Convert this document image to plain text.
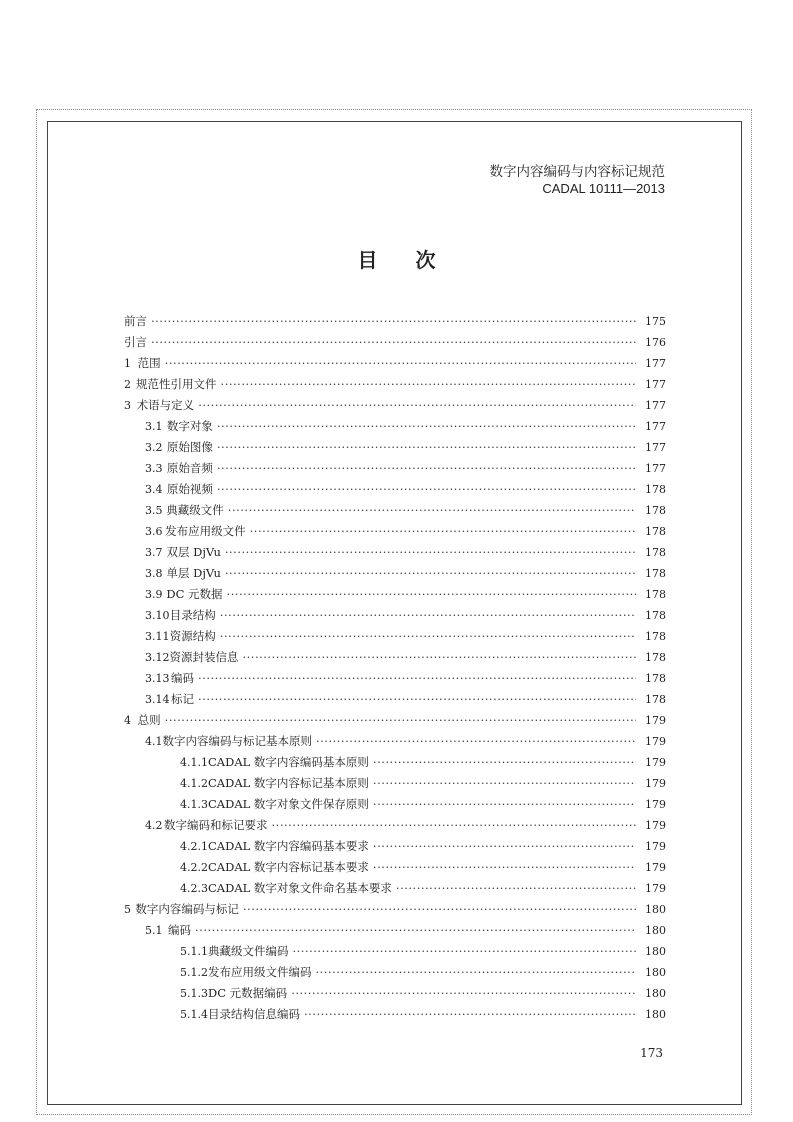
数字内容编码与内容标记规范
CADAL 10111—2013
目次
前言 ·····	175
引言 ·····	176
1 范围 ·····	177
2 规范性引用文件 ·····	177
3 术语与定义 ·····	177
3.1 数字对象 ·····	177
3.2 原始图像 ·····	177
3.3 原始音频 ·····	177
3.4 原始视频 ·····	178
3.5 典藏级文件 ·····	178
3.6 发布应用级文件 ·····	178
3.7 双层 DjVu ·····	178
3.8 单层 DjVu ·····	178
3.9 DC 元数据 ·····	178
3.10 目录结构 ·····	178
3.11 资源结构 ·····	178
3.12 资源封装信息 ·····	178
3.13 编码 ·····	178
3.14 标记 ·····	178
4 总则 ·····	179
4.1 数字内容编码与标记基本原则 ·····	179
4.1.1 CADAL 数字内容编码基本原则 ·····	179
4.1.2 CADAL 数字内容标记基本原则 ·····	179
4.1.3 CADAL 数字对象文件保存原则 ·····	179
4.2 数字编码和标记要求 ·····	179
4.2.1 CADAL 数字内容编码基本要求 ·····	179
4.2.2 CADAL 数字内容标记基本要求 ·····	179
4.2.3 CADAL 数字对象文件命名基本要求 ·····	179
5 数字内容编码与标记 ·····	180
5.1 编码 ·····	180
5.1.1 典藏级文件编码 ·····	180
5.1.2 发布应用级文件编码 ·····	180
5.1.3 DC 元数据编码 ·····	180
5.1.4 目录结构信息编码 ·····	180
173
